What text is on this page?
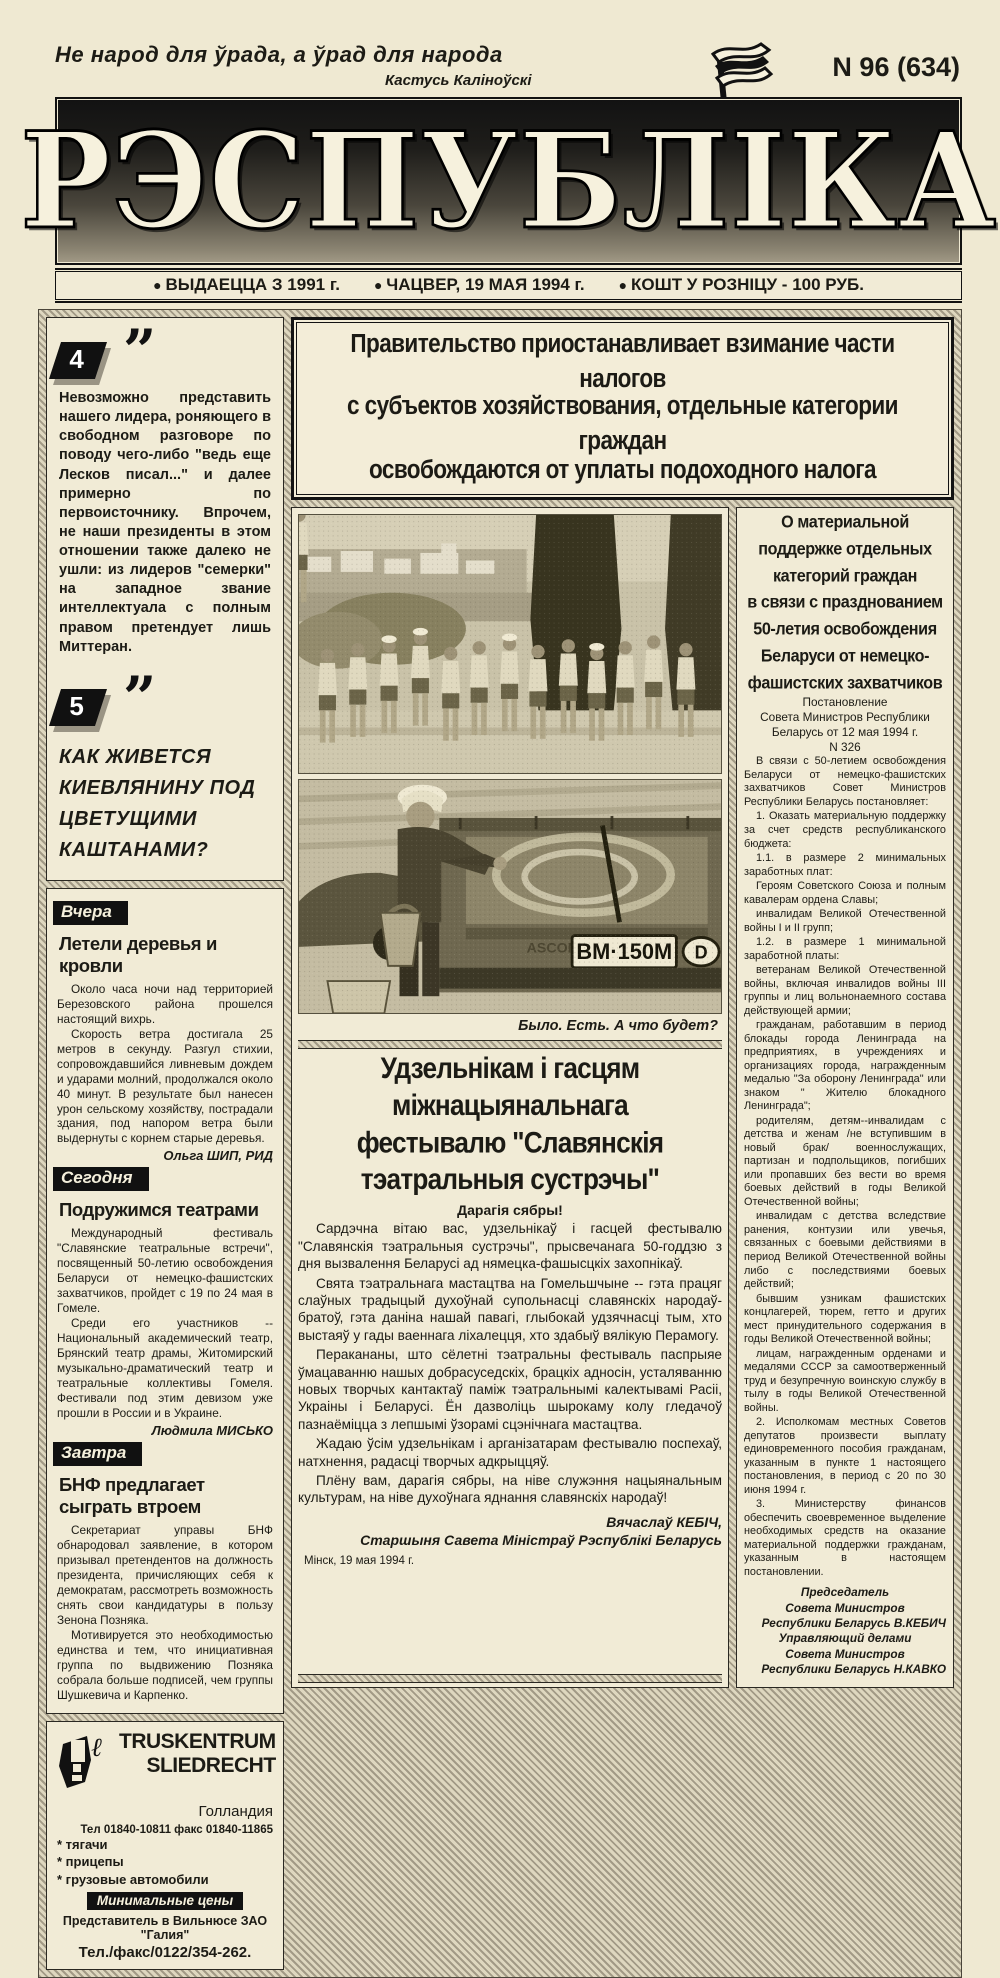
Не народ для ўрада, а ўрад для народа
Кастусь Каліноўскі	N 96 (634)
РЭСПУБЛІКА
● ВЫДАЕЦЦА З 1991 г.	● ЧАЦВЕР, 19 МАЯ 1994 г.	● КОШТ У РОЗНІЦУ - 100 РУБ.
”
4
Невозможно представить нашего лидера, роняющего в свободном разговоре по поводу чего-либо "ведь еще Лесков писал..." и далее примерно по первоисточнику. Впрочем, не наши президенты в этом отношении также далеко не ушли: из лидеров "семерки" на западное звание интеллектуала с полным правом претендует лишь Миттеран.
”
5
КАК ЖИВЕТСЯ КИЕВЛЯНИНУ ПОД ЦВЕТУЩИМИ КАШТАНАМИ?
Вчера
Летели деревья и кровли

Около часа ночи над территорией Березовского района прошелся настоящий вихрь.

Скорость ветра достигала 25 метров в секунду. Разгул стихии, сопровождавшийся ливневым дождем и ударами молний, продолжался около 40 минут. В результате был нанесен урон сельскому хозяйству, пострадали здания, под напором ветра были выдернуты с корнем старые деревья.

Ольга ШИП, РИД
Сегодня
Подружимся театрами

Международный фестиваль "Славянские театральные встречи", посвященный 50-летию освобождения Беларуси от немецко-фашистских захватчиков, пройдет с 19 по 24 мая в Гомеле.

Среди его участников -- Национальный академический театр, Брянский театр драмы, Житомирский музыкально-драматический театр и театральные коллективы Гомеля. Фестивали под этим девизом уже прошли в России и в Украине.

Людмила МИСЬКО
Завтра
БНФ предлагает сыграть втроем

Секретариат управы БНФ обнародовал заявление, в котором призывал претендентов на должность президента, причисляющих себя к демократам, рассмотреть возможность снять свои кандидатуры в пользу Зенона Позняка.

Мотивируется это необходимостью единства и тем, что инициативная группа по выдвижению Позняка собрала больше подписей, чем группы Шушкевича и Карпенко.

ℓ TRUSKENTRUM
SLIEDRECHT
Голландия
Тел 01840-10811 факс 01840-11865
* тягачи
* прицепы
* грузовые автомобили
Минимальные цены
Представитель в Вильнюсе ЗАО "Галия"
Тел./факс/0122/354-262.
Правительство приостанавливает взимание части налогов
с субъектов хозяйствования, отдельные категории граждан
освобождаются от уплаты подоходного налога
Было. Есть. А что будет?
Удзельнікам і гасцям міжнацыянальнага
фестывалю "Славянскія тэатральныя сустрэчы"
Дарагія сябры!

Сардэчна вітаю вас, удзельнікаў і гасцей фестывалю "Славянскія тэатральныя сустрэчы", прысвечанага 50-годдзю з дня вызвалення Беларусі ад нямецка-фашысцкіх захопнікаў.

Свята тэатральнага мастацтва на Гомельшчыне -- гэта працяг слаўных традыцый духоўнай супольнасці славянскіх народаў-братоў, гэта даніна нашай павагі, глыбокай удзячнасці тым, хто выстаяў у гады ваеннага ліхалецця, хто здабыў вялікую Перамогу.

Перакананы, што сёлетні тэатральны фестываль паспрыяе ўмацаванню нашых добрасуседскіх, брацкіх адносін, усталяванню новых творчых кантактаў паміж тэатральнымі калектывамі Расіі, Украіны і Беларусі. Ён дазволіць шырокаму колу гледачоў пазнаёміцца з лепшымі ўзорамі сцэнічнага мастацтва.

Жадаю ўсім удзельнікам і арганізатарам фестывалю поспехаў, натхнення, радасці творчых адкрыццяў.

Плёну вам, дарагія сябры, на ніве служэння нацыянальным культурам, на ніве духоўнага яднання славянскіх народаў!

Вячаслаў КЕБІЧ,
Старшыня Савета Міністраў Рэспублікі Беларусь
Мінск, 19 мая 1994 г.
О материальной
поддержке отдельных
категорий граждан
в связи с празднованием
50-летия освобождения
Беларуси от немецко-
фашистских захватчиков
Постановление
Совета Министров Республики
Беларусь от 12 мая 1994 г.
N 326

В связи с 50-летием освобождения Беларуси от немецко-фашистских захватчиков Совет Министров Республики Беларусь постановляет:

1. Оказать материальную поддержку за счет средств республиканского бюджета:

1.1. в размере 2 минимальных заработных плат:

Героям Советского Союза и полным кавалерам ордена Славы;

инвалидам Великой Отечественной войны I и II групп;

1.2. в размере 1 минимальной заработной платы:

ветеранам Великой Отечественной войны, включая инвалидов войны III группы и лиц вольнонаемного состава действующей армии;

гражданам, работавшим в период блокады города Ленинграда на предприятиях, в учреждениях и организациях города, награжденным медалью "За оборону Ленинграда" или знаком " Жителю блокадного Ленинграда";

родителям, детям--инвалидам с детства и женам /не вступившим в новый брак/ военнослужащих, партизан и подпольщиков, погибших или пропавших без вести во время боевых действий в годы Великой Отечественной войны;

инвалидам с детства вследствие ранения, контузии или увечья, связанных с боевыми действиями в период Великой Отечественной войны либо с последствиями боевых действий;

бывшим узникам фашистских концлагерей, тюрем, гетто и других мест принудительного содержания в годы Великой Отечественной войны;

лицам, награжденным орденами и медалями СССР за самоотверженный труд и безупречную воинскую службу в тылу в годы Великой Отечественной войны.

2. Исполкомам местных Советов депутатов произвести выплату единовременного пособия гражданам, указанным в пункте 1 настоящего постановления, в период с 20 по 30 июня 1994 г.

3. Министерству финансов обеспечить своевременное выделение необходимых средств на оказание материальной поддержки гражданам, указанным в настоящем постановлении.

Председатель
Совета Министров
Республики Беларусь В.КЕБИЧ
Управляющий делами
Совета Министров
Республики Беларусь Н.КАВКО
